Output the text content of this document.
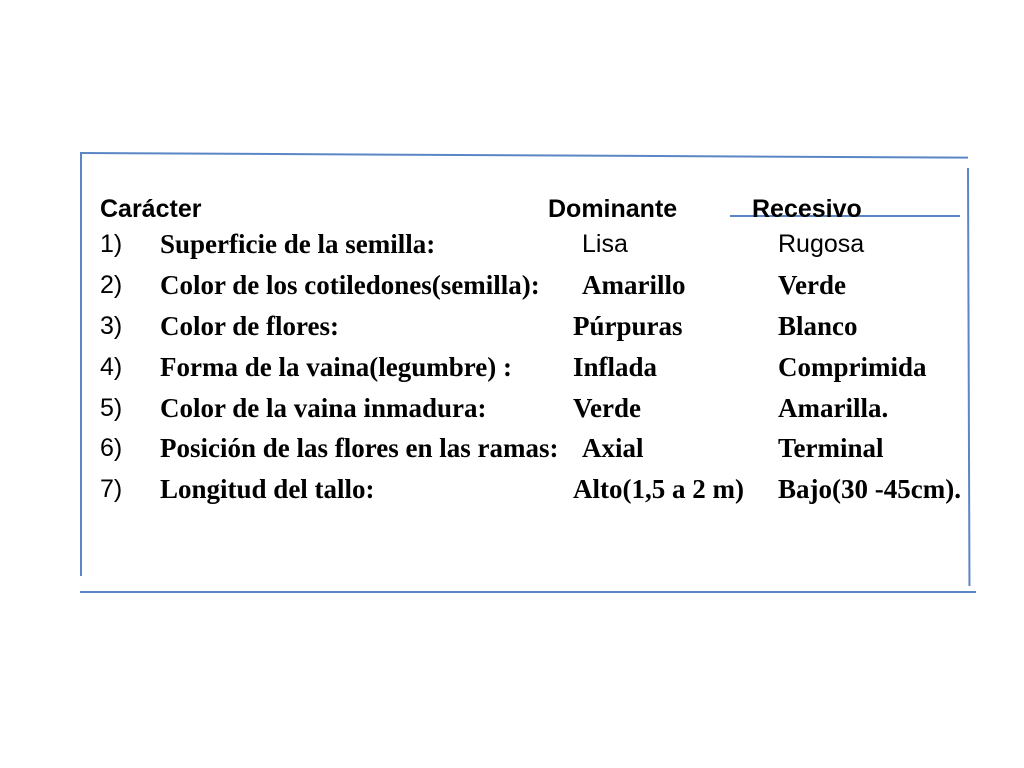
Carácter	Dominante	Recesivo
1) Superficie de la semilla:	Lisa	Rugosa
2) Color de los cotiledones(semilla): Amarillo	Verde
3) Color de flores:	Púrpuras	Blanco
4) Forma de la vaina(legumbre) : Inflada	Comprimida
5) Color de la vaina inmadura:	Verde	Amarilla.
6) Posición de las flores en las ramas: Axial	Terminal
7) Longitud del tallo:	Alto(1,5 a 2 m) Bajo(30 -45cm).
